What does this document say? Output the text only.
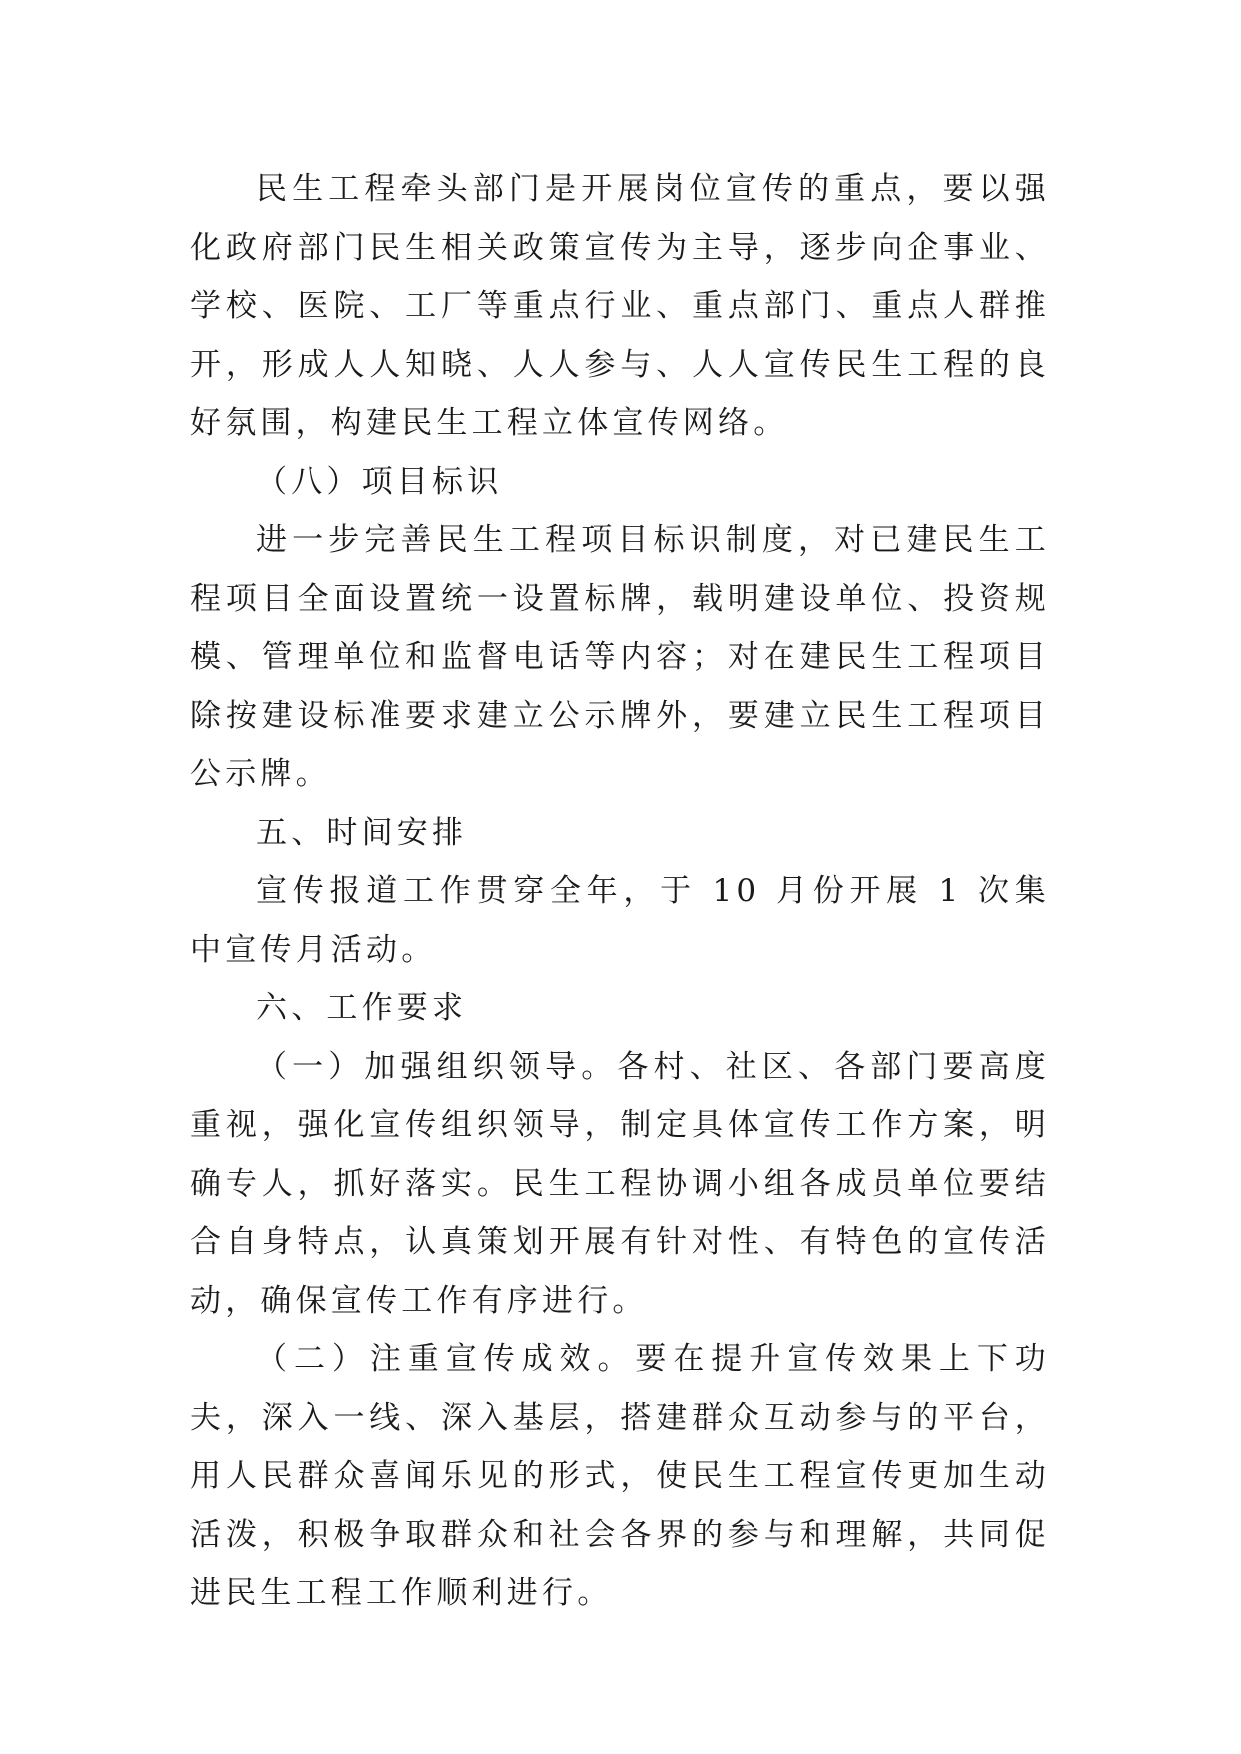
民生工程牵头部门是开展岗位宣传的重点，要以强化政府部门民生相关政策宣传为主导，逐步向企事业、学校、医院、工厂等重点行业、重点部门、重点人群推开，形成人人知晓、人人参与、人人宣传民生工程的良好氛围，构建民生工程立体宣传网络。

（八）项目标识

进一步完善民生工程项目标识制度，对已建民生工程项目全面设置统一设置标牌，载明建设单位、投资规模、管理单位和监督电话等内容；对在建民生工程项目除按建设标准要求建立公示牌外，要建立民生工程项目公示牌。

五、时间安排

宣传报道工作贯穿全年，于 10 月份开展 1 次集中宣传月活动。

六、工作要求

（一）加强组织领导。各村、社区、各部门要高度重视，强化宣传组织领导，制定具体宣传工作方案，明确专人，抓好落实。民生工程协调小组各成员单位要结合自身特点，认真策划开展有针对性、有特色的宣传活动，确保宣传工作有序进行。

（二）注重宣传成效。要在提升宣传效果上下功夫，深入一线、深入基层，搭建群众互动参与的平台，用人民群众喜闻乐见的形式，使民生工程宣传更加生动活泼，积极争取群众和社会各界的参与和理解，共同促进民生工程工作顺利进行。
